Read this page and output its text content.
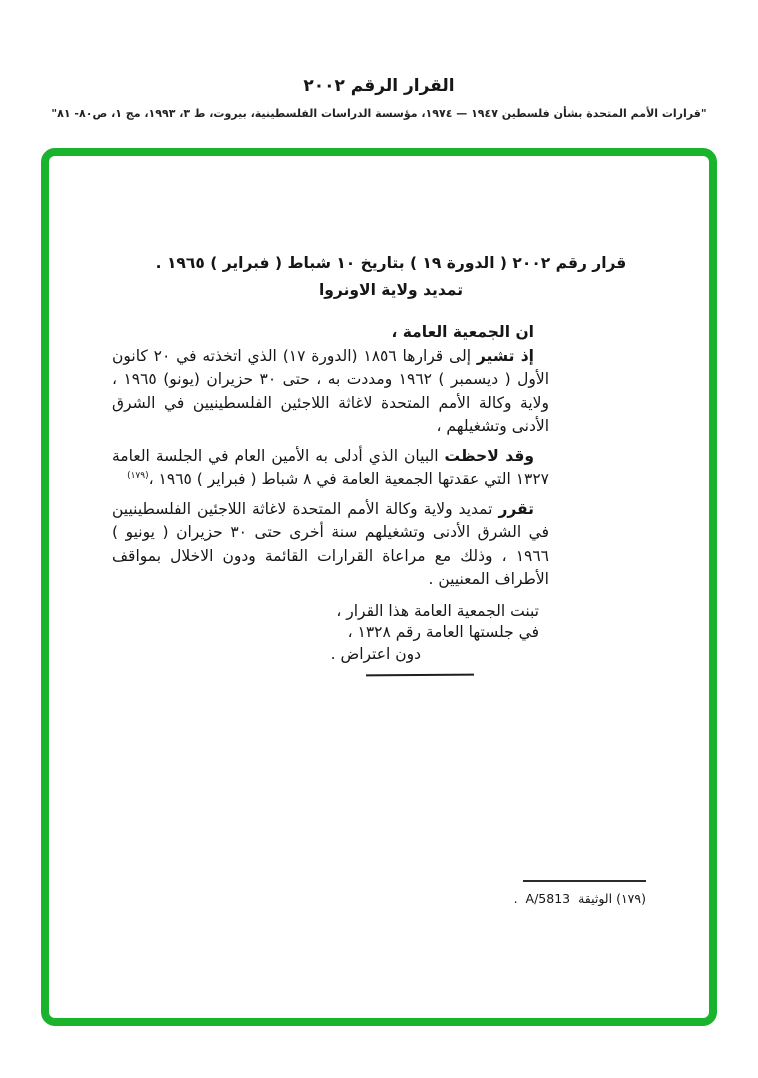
القرار الرقم ٢٠٠٢
"قرارات الأمم المتحدة بشأن فلسطين ١٩٤٧ — ١٩٧٤، مؤسسة الدراسات الفلسطينية، بيروت، ط ٣، ١٩٩٣، مج ١، ص٨٠- ٨١"
قرار رقم ٢٠٠٢ ( الدورة ١٩ ) بتاريخ ١٠ شباط ( فبراير ) ١٩٦٥ .
تمديد ولاية الاونروا

ان الجمعية العامة ،

إذ تشير إلى قرارها ١٨٥٦ (الدورة ١٧) الذي اتخذته في ٢٠ كانون الأول ( ديسمبر ) ١٩٦٢ ومددت به ، حتى ٣٠ حزيران (يونو) ١٩٦٥ ، ولاية وكالة الأمم المتحدة لاغاثة اللاجئين الفلسطينيين في الشرق الأدنى وتشغيلهم ،

وقد لاحظت البيان الذي أدلى به الأمين العام في الجلسة العامة ١٣٢٧ التي عقدتها الجمعية العامة في ٨ شباط ( فبراير ) ١٩٦٥ ،$^{(١٧٩)}$

تقرر تمديد ولاية وكالة الأمم المتحدة لاغاثة اللاجئين الفلسطينيين في الشرق الأدنى وتشغيلهم سنة أخرى حتى ٣٠ حزيران ( يونيو ) ١٩٦٦ ، وذلك مع مراعاة القرارات القائمة ودون الاخلال بمواقف الأطراف المعنيين .

تبنت الجمعية العامة هذا القرار ،
في جلستها العامة رقم ١٣٢٨ ،
دون اعتراض .
(١٧٩) الوثيقة  A/5813  .
